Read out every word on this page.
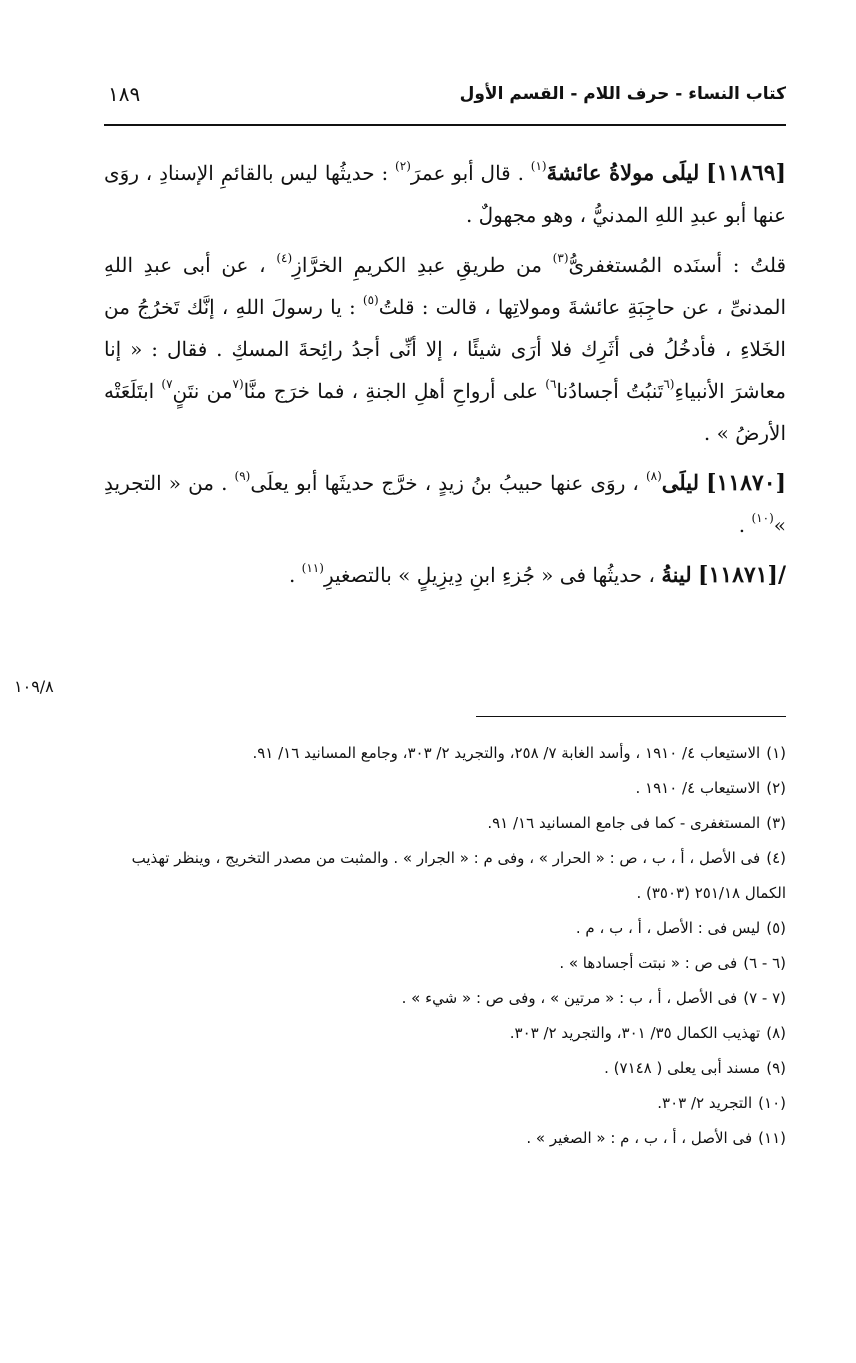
كتاب النساء - حرف اللام - القسم الأول
١٨٩

[١١٨٦٩] ليلَى مولاةُ عائشةَ$^{(١)}$ . قال أبو عمرَ$^{(٢)}$ : حديثُها ليس بالقائمِ الإسنادِ ، روَى عنها أبو عبدِ اللهِ المدنيُّ ، وهو مجهولٌ .

قلتُ : أسنَده المُستغفرىُّ$^{(٣)}$ من طريقِ عبدِ الكريمِ الخرَّازِ$^{(٤)}$ ، عن أبى عبدِ اللهِ المدنىِّ ، عن حاجِبَةِ عائشةَ ومولاتِها ، قالت : قلتُ$^{(٥)}$ : يا رسولَ اللهِ ، إنَّك تَخرُجُ من الخَلاءِ ، فأدخُلُ فى أثَرِك فلا أرَى شيئًا ، إلا أنِّى أجدُ رائِحةَ المسكِ . فقال : « إنا معاشرَ الأنبياءِ$^{(٦}$تَنبُتُ أجسادُنا$^{٦)}$ على أرواحِ أهلِ الجنةِ ، فما خرَج منَّا$^{(٧}$من نتَنٍ$^{٧)}$ ابتَلَعَتْه الأرضُ » .

[١١٨٧٠] ليلَى$^{(٨)}$ ، روَى عنها حبيبُ بنُ زيدٍ ، خرَّج حديثَها أبو يعلَى$^{(٩)}$ . من « التجريدِ »$^{(١٠)}$ .

/[١١٨٧١] لينةُ ، حديثُها فى « جُزءِ ابنِ دِيزِيلٍ » بالتصغيرِ$^{(١١)}$ .

١٠٩/٨

(١)الاستيعاب ٤/ ١٩١٠ ، وأسد الغابة ٧/ ٢٥٨، والتجريد ٢/ ٣٠٣، وجامع المسانيد ١٦/ ٩١.

(٢)الاستيعاب ٤/ ١٩١٠ .

(٣)المستغفرى - كما فى جامع المسانيد ١٦/ ٩١.

(٤)فى الأصل ، أ ، ب ، ص : « الحرار » ، وفى م : « الجرار » . والمثبت من مصدر التخريج ، وينظر تهذيب الكمال ٢٥١/١٨ (٣٥٠٣) .

(٥)ليس فى : الأصل ، أ ، ب ، م .

(٦ - ٦)فى ص : « نبتت أجسادها » .

(٧ - ٧)فى الأصل ، أ ، ب : « مرتين » ، وفى ص : « شيء » .

(٨)تهذيب الكمال ٣٥/ ٣٠١، والتجريد ٢/ ٣٠٣.

(٩)مسند أبى يعلى ( ٧١٤٨) .

(١٠)التجريد ٢/ ٣٠٣.

(١١)فى الأصل ، أ ، ب ، م : « الصغير » .
